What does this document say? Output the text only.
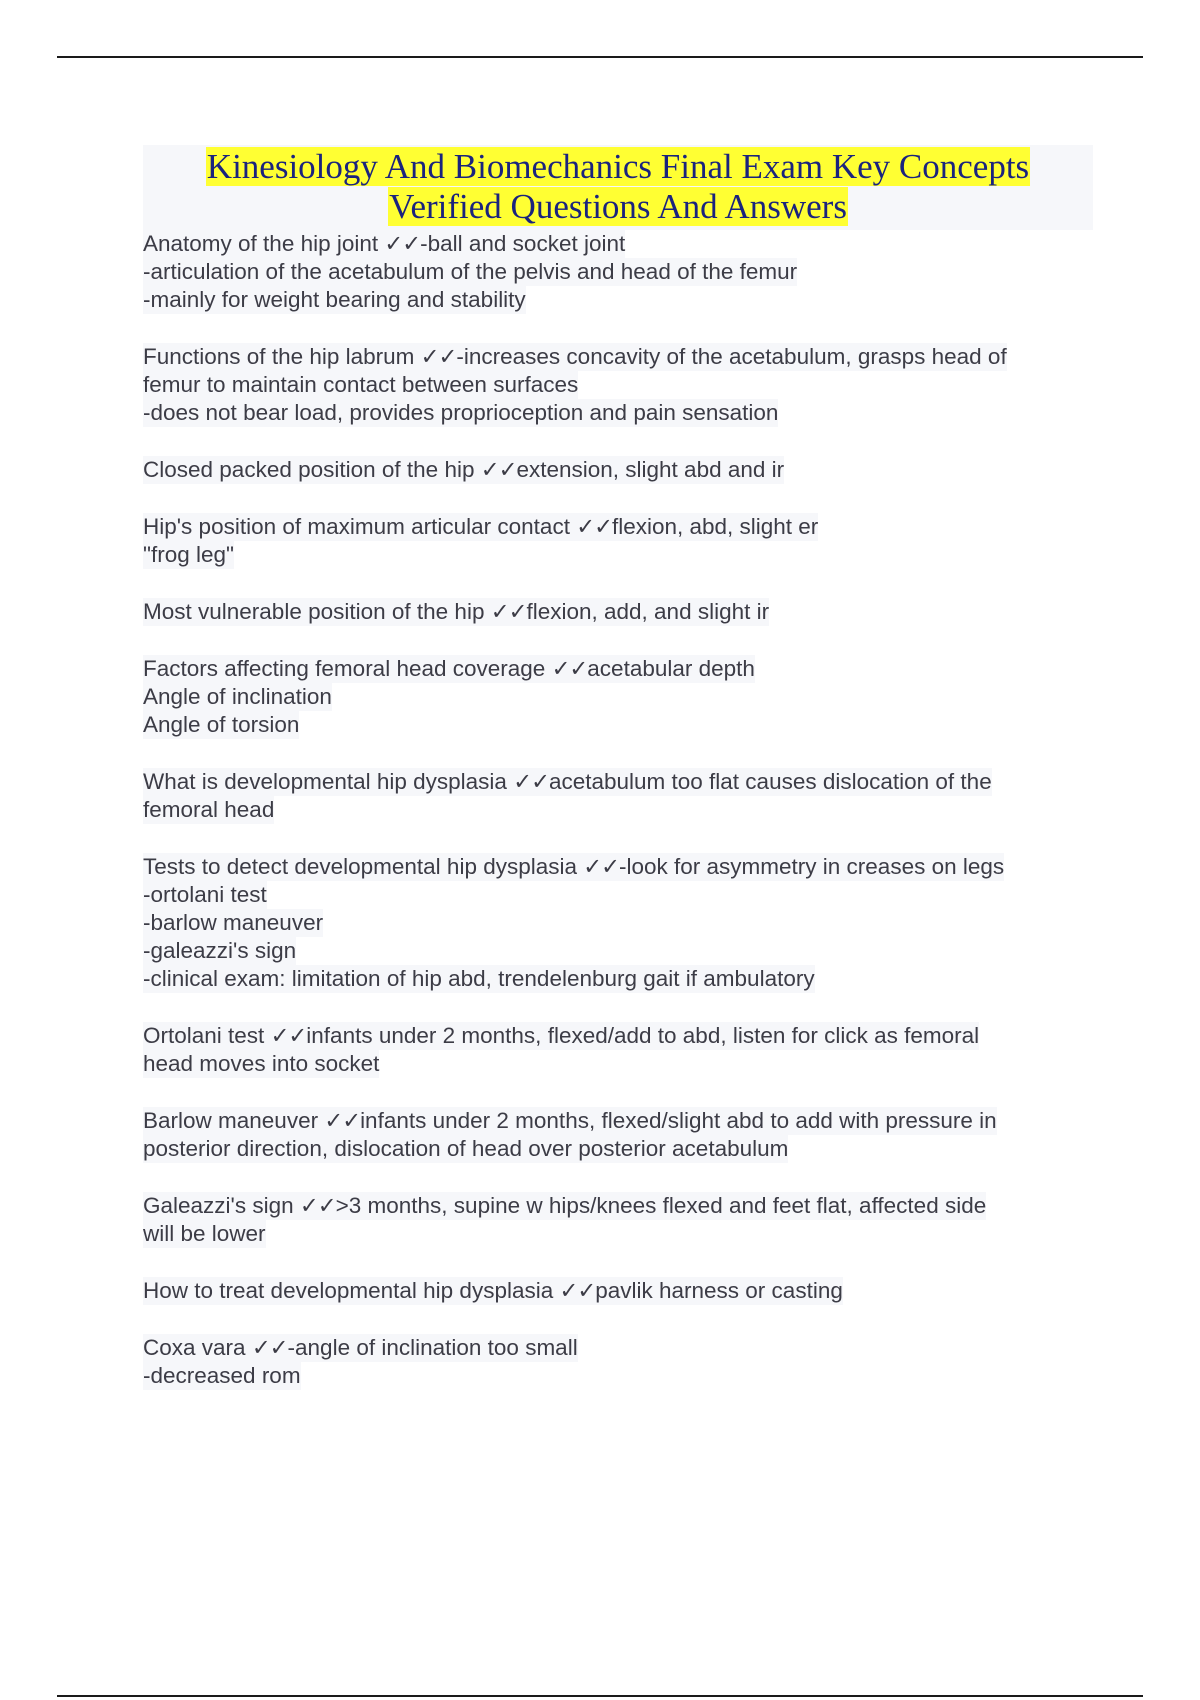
Kinesiology And Biomechanics Final Exam Key Concepts
Verified Questions And Answers
Anatomy of the hip joint ✓✓-ball and socket joint
-articulation of the acetabulum of the pelvis and head of the femur
-mainly for weight bearing and stability
Functions of the hip labrum ✓✓-increases concavity of the acetabulum, grasps head of
femur to maintain contact between surfaces
-does not bear load, provides proprioception and pain sensation
Closed packed position of the hip ✓✓extension, slight abd and ir
Hip's position of maximum articular contact ✓✓flexion, abd, slight er
"frog leg"
Most vulnerable position of the hip ✓✓flexion, add, and slight ir
Factors affecting femoral head coverage ✓✓acetabular depth
Angle of inclination
Angle of torsion
What is developmental hip dysplasia ✓✓acetabulum too flat causes dislocation of the
femoral head
Tests to detect developmental hip dysplasia ✓✓-look for asymmetry in creases on legs
-ortolani test
-barlow maneuver
-galeazzi's sign
-clinical exam: limitation of hip abd, trendelenburg gait if ambulatory
Ortolani test ✓✓infants under 2 months, flexed/add to abd, listen for click as femoral
head moves into socket
Barlow maneuver ✓✓infants under 2 months, flexed/slight abd to add with pressure in
posterior direction, dislocation of head over posterior acetabulum
Galeazzi's sign ✓✓>3 months, supine w hips/knees flexed and feet flat, affected side
will be lower
How to treat developmental hip dysplasia ✓✓pavlik harness or casting
Coxa vara ✓✓-angle of inclination too small
-decreased rom
